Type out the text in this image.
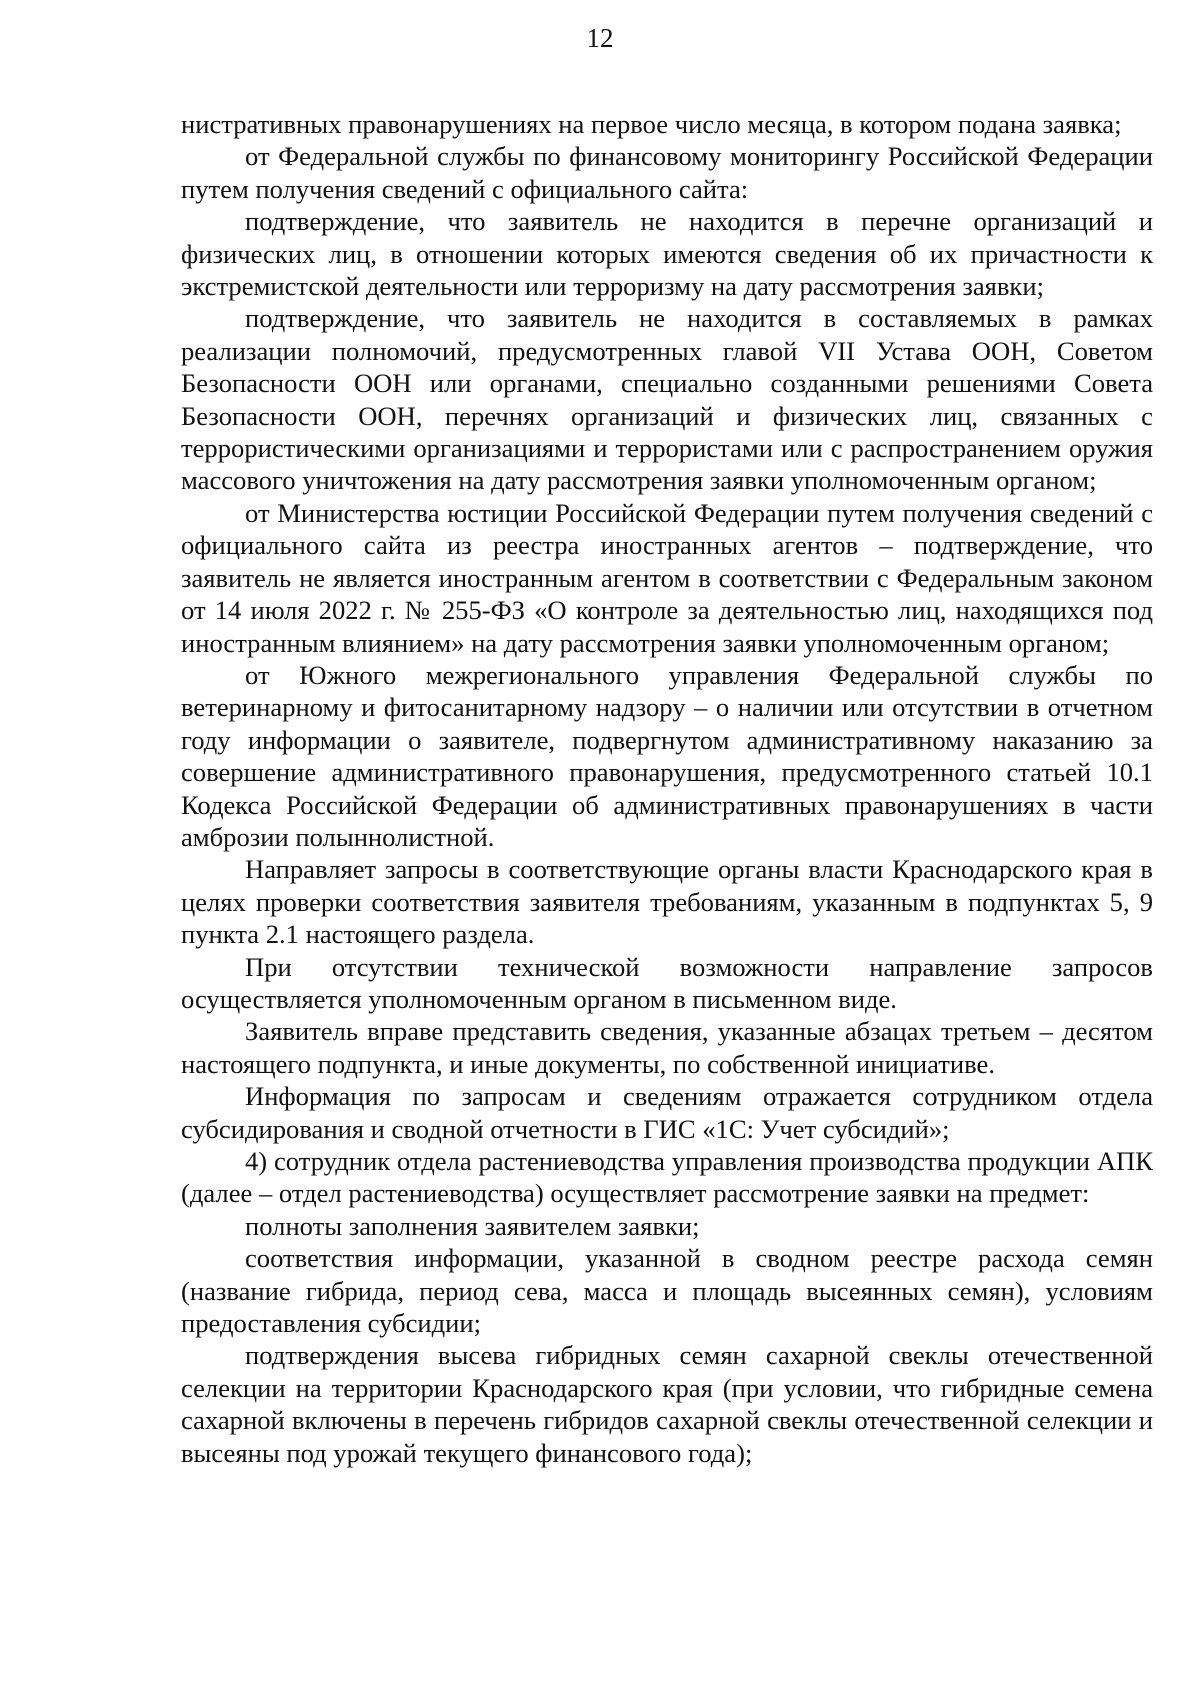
12

нистративных правонарушениях на первое число месяца, в котором подана заявка;

от Федеральной службы по финансовому мониторингу Российской Федерации путем получения сведений с официального сайта:

подтверждение, что заявитель не находится в перечне организаций и физических лиц, в отношении которых имеются сведения об их причастности к экстремистской деятельности или терроризму на дату рассмотрения заявки;

подтверждение, что заявитель не находится в составляемых в рамках реализации полномочий, предусмотренных главой VII Устава ООН, Советом Безопасности ООН или органами, специально созданными решениями Совета Безопасности ООН, перечнях организаций и физических лиц, связанных с террористическими организациями и террористами или с распространением оружия массового уничтожения на дату рассмотрения заявки уполномоченным органом;

от Министерства юстиции Российской Федерации путем получения сведений с официального сайта из реестра иностранных агентов – подтверждение, что заявитель не является иностранным агентом в соответствии с Федеральным законом от 14 июля 2022 г. № 255-ФЗ «О контроле за деятельностью лиц, находящихся под иностранным влиянием» на дату рассмотрения заявки уполномоченным органом;

от Южного межрегионального управления Федеральной службы по ветеринарному и фитосанитарному надзору – о наличии или отсутствии в отчетном году информации о заявителе, подвергнутом административному наказанию за совершение административного правонарушения, предусмотренного статьей 10.1 Кодекса Российской Федерации об административных правонарушениях в части амброзии полыннолистной.

Направляет запросы в соответствующие органы власти Краснодарского края в целях проверки соответствия заявителя требованиям, указанным в подпунктах 5, 9 пункта 2.1 настоящего раздела.

При отсутствии технической возможности направление запросов осуществляется уполномоченным органом в письменном виде.

Заявитель вправе представить сведения, указанные абзацах третьем – десятом настоящего подпункта, и иные документы, по собственной инициативе.

Информация по запросам и сведениям отражается сотрудником отдела субсидирования и сводной отчетности в ГИС «1С: Учет субсидий»;

4) сотрудник отдела растениеводства управления производства продукции АПК (далее – отдел растениеводства) осуществляет рассмотрение заявки на предмет:

полноты заполнения заявителем заявки;

соответствия информации, указанной в сводном реестре расхода семян (название гибрида, период сева, масса и площадь высеянных семян), условиям предоставления субсидии;

подтверждения высева гибридных семян сахарной свеклы отечественной селекции на территории Краснодарского края (при условии, что гибридные семена сахарной включены в перечень гибридов сахарной свеклы отечественной селекции и высеяны под урожай текущего финансового года);
